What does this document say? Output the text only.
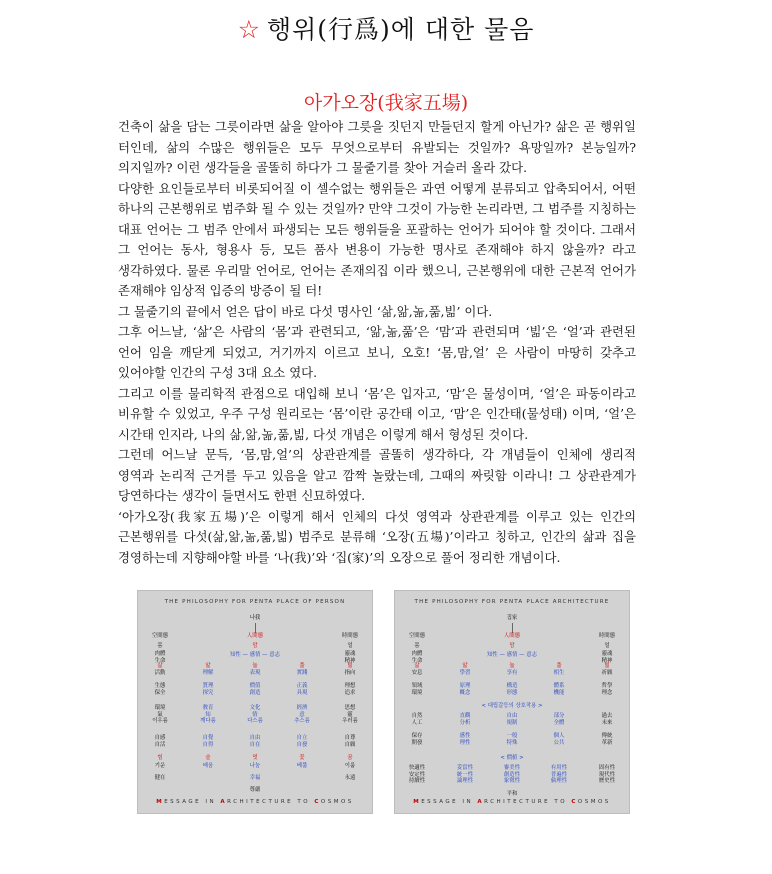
☆ 행위(行爲)에 대한 물음
아가오장(我家五場)

건축이 삶을 담는 그릇이라면 삶을 알아야 그릇을 짓던지 만들던지 할게 아닌가? 삶은 곧 행위일 터인데, 삶의 수많은 행위들은 모두 무엇으로부터 유발되는 것일까? 욕망일까? 본능일까? 의지일까? 이런 생각들을 골똘히 하다가 그 물줄기를 찾아 거슬러 올라 갔다.

다양한 요인들로부터 비롯되어질 이 셀수없는 행위들은 과연 어떻게 분류되고 압축되어서, 어떤 하나의 근본행위로 범주화 될 수 있는 것일까? 만약 그것이 가능한 논리라면, 그 범주를 지칭하는 대표 언어는 그 범주 안에서 파생되는 모든 행위들을 포괄하는 언어가 되어야 할 것이다. 그래서 그 언어는 동사, 형용사 등, 모든 품사 변용이 가능한 명사로 존재해야 하지 않을까? 라고 생각하였다. 물론 우리말 언어로, 언어는 존재의집 이라 했으니, 근본행위에 대한 근본적 언어가 존재해야 임상적 입증의 방증이 될 터!

그 물줄기의 끝에서 얻은 답이 바로 다섯 명사인 ‘삶,앎,놂,풂,빎’ 이다.

그후 어느날, ‘삶’은 사람의 ‘몸’과 관련되고, ‘앎,놂,풂’은 ‘맘’과 관련되며 ‘빎’은 ‘얼’과 관련된 언어 임을 깨닫게 되었고, 거기까지 이르고 보니, 오호! ‘몸,맘,얼’ 은 사람이 마땅히 갖추고 있어야할 인간의 구성 3대 요소 였다.

그리고 이를 물리학적 관점으로 대입해 보니 ‘몸’은 입자고, ‘맘’은 물성이며, ‘얼’은 파동이라고 비유할 수 있었고, 우주 구성 원리로는 ‘몸’이란 공간태 이고, ‘맘’은 인간태(물성태) 이며, ‘얼’은 시간태 인지라, 나의 삶,앎,놂,풂,빎, 다섯 개념은 이렇게 해서 형성된 것이다.

그런데 어느날 문득, ‘몸,맘,얼’의 상관관계를 골똘히 생각하다, 각 개념들이 인체에 생리적 영역과 논리적 근거를 두고 있음을 알고 깜짝 놀랐는데, 그때의 짜릿함 이라니! 그 상관관계가 당연하다는 생각이 들면서도 한편 신묘하였다.

‘아가오장(我家五場)’은 이렇게 해서 인체의 다섯 영역과 상관관계를 이루고 있는 인간의 근본행위를 다섯(삶,앎,놂,풂,빎) 범주로 분류해 ‘오장(五場)’이라고 칭하고, 인간의 삶과 집을 경영하는데 지향해야할 바를 ‘나(我)’와 ‘집(家)’의 오장으로 풀어 정리한 개념이다.

THE PHILOSOPHY FOR PENTA PLACE OF PERSON
나我
空間態	人間態	時間態
몸	맘	얼
肉體
生命
知性 — 感情 — 意志	靈魂
精神
삶	앎	놂	풂	빎
活動	理解	表現	實踐	指向
生態
保全
質理
探究
價值
創造
正義
具現
理想
追求
環境
氣
이우름
敎育
知
깨다름
文化
情
다스름
經濟
意
추스름
思想
靈
우러름
自感
自活
自覺
自得
自由
自在
自立
自發
自尊
自願
힘	슬	멋	꽃	꿈
기운	배움	나눔	베풂	이룸
健在	幸福	永遠
尊嚴
MESSAGE IN ARCHITECTURE TO COSMOS
THE PHILOSOPHY FOR PENTA PLACE ARCHITECTURE
집家
空間態	人間態	時間態
몸	맘	얼
肉體
生命
知性 — 感情 — 意志	靈魂
精神
삶	앎	놂	풂	빎
安息	學習	享有	相生	祈願
領域
環境
原理
槪念
構造
形態
體系
機能
哲學
理念
< 대립갈등의 상호작용 >
自然
人工
直觀
分析
自由
規制
部分
全體
過去
未來
保存
開發
感性
理性
一般
特殊
個人
公共
傳統
革新
< 價値 >
快適性
安定性
持續性
妥當性
統一性
論理性
審美性
創造性
象徵性
有用性
普遍性
倫理性
固有性
現代性
歷史性
平和
MESSAGE IN ARCHITECTURE TO COSMOS
